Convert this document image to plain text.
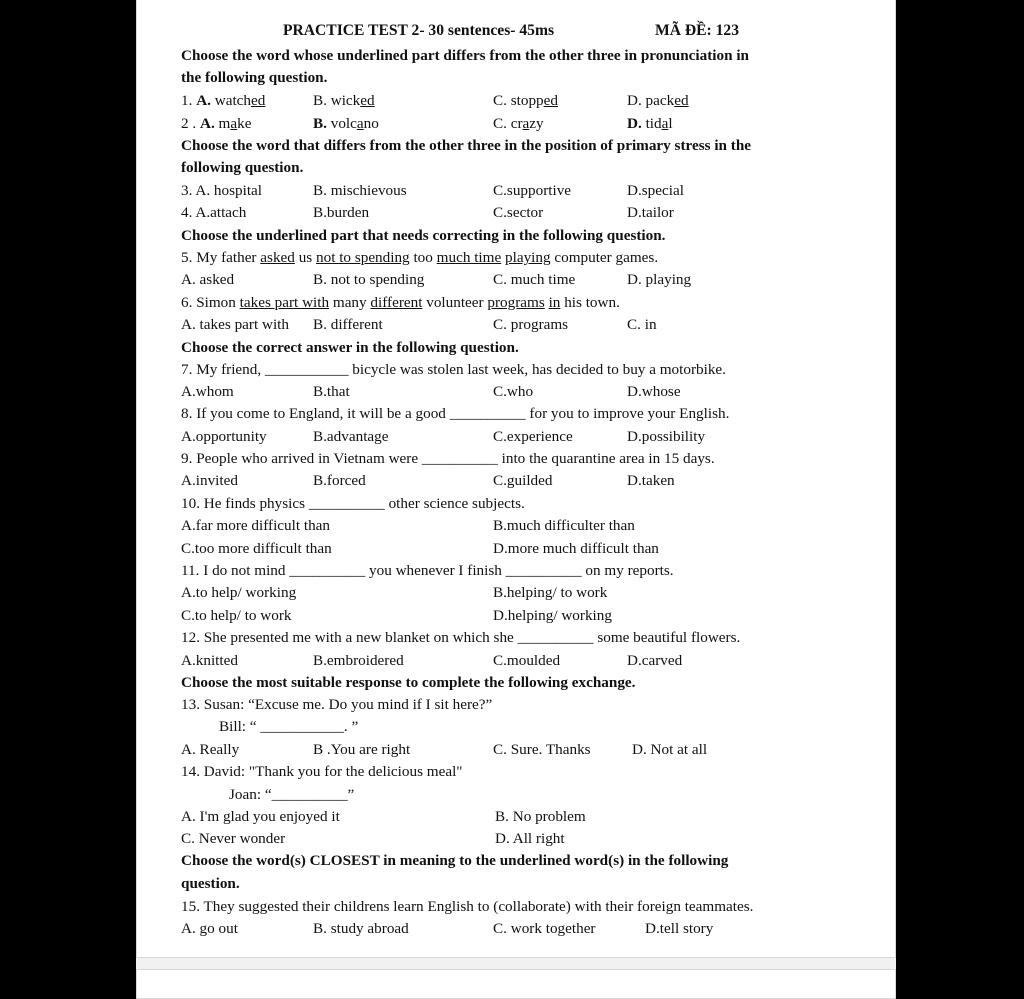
PRACTICE TEST 2- 30 sentences- 45ms	MÃ ĐỀ: 123
Choose the word whose underlined part differs from the other three in pronunciation in
the following question.
1. A. watched	B. wicked	C. stopped	D. packed
2 . A. make	B. volcano	C. crazy	D. tidal
Choose the word that differs from the other three in the position of primary stress in the
following question.
3. A. hospital	B. mischievous	C.supportive	D.special
4. A.attach	B.burden	C.sector	D.tailor
Choose the underlined part that needs correcting in the following question.
5. My father asked us not to spending too much time playing computer games.
A. asked	B. not to spending	C. much time	D. playing
6. Simon takes part with many different volunteer programs in his town.
A. takes part with B. different	C. programs	C. in
Choose the correct answer in the following question.
7. My friend, ___________ bicycle was stolen last week, has decided to buy a motorbike.
A.whom	B.that	C.who	D.whose
8. If you come to England, it will be a good __________ for you to improve your English.
A.opportunity	B.advantage	C.experience	D.possibility
9. People who arrived in Vietnam were __________ into the quarantine area in 15 days.
A.invited	B.forced	C.guilded	D.taken
10. He finds physics __________ other science subjects.
A.far more difficult than	B.much difficulter than
C.too more difficult than	D.more much difficult than
11. I do not mind __________ you whenever I finish __________ on my reports.
A.to help/ working	B.helping/ to work
C.to help/ to work	D.helping/ working
12. She presented me with a new blanket on which she __________ some beautiful flowers.
A.knitted	B.embroidered	C.moulded	D.carved
Choose the most suitable response to complete the following exchange.
13. Susan: “Excuse me. Do you mind if I sit here?”
Bill: “ ___________. ”
A. Really	B .You are right	C. Sure. Thanks	D. Not at all
14. David: "Thank you for the delicious meal"
Joan: “__________”
A. I'm glad you enjoyed it	B. No problem
C. Never wonder	D. All right
Choose the word(s) CLOSEST in meaning to the underlined word(s) in the following
question.
15. They suggested their childrens learn English to (collaborate) with their foreign teammates.
A. go out	B. study abroad	C. work together	D.tell story
